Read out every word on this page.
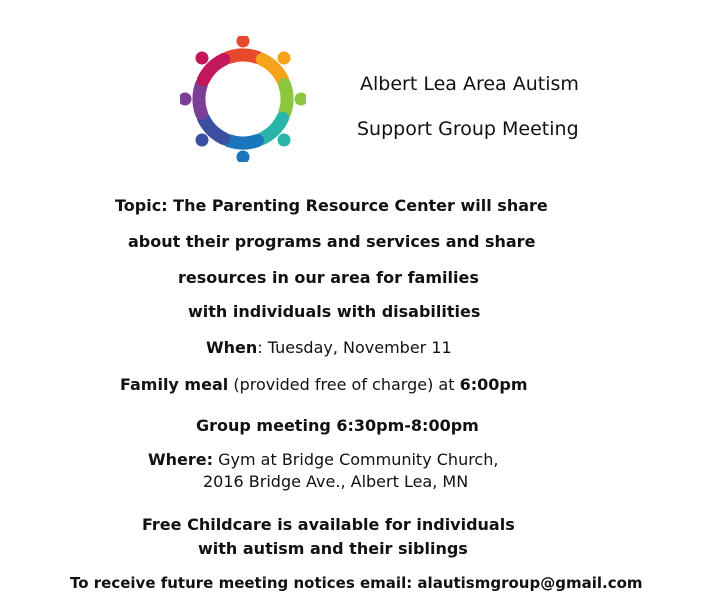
Albert Lea Area Autism
Support Group Meeting
Topic: The Parenting Resource Center will share
about their programs and services and share
resources in our area for families
with individuals with disabilities
When: Tuesday, November 11
Family meal (provided free of charge) at 6:00pm
Group meeting 6:30pm-8:00pm
Where: Gym at Bridge Community Church,
2016 Bridge Ave., Albert Lea, MN
Free Childcare is available for individuals
with autism and their siblings
To receive future meeting notices email: alautismgroup@gmail.com
